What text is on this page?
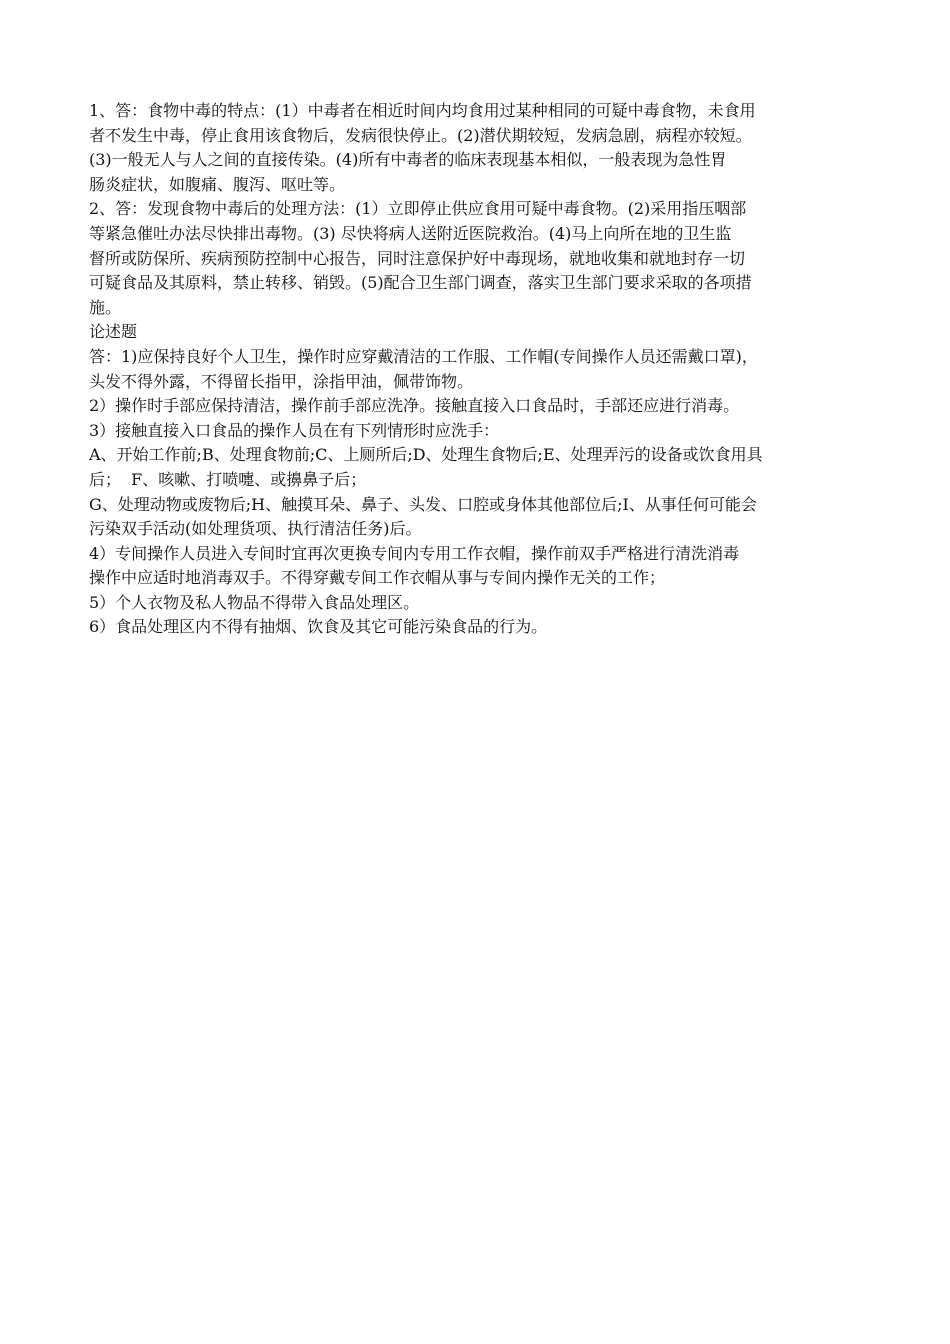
1、答：食物中毒的特点：(1）中毒者在相近时间内均食用过某种相同的可疑中毒食物，未食用
者不发生中毒，停止食用该食物后，发病很快停止。(2)潜伏期较短，发病急剧，病程亦较短。
(3)一般无人与人之间的直接传染。(4)所有中毒者的临床表现基本相似，一般表现为急性胃
肠炎症状，如腹痛、腹泻、呕吐等。
2、答：发现食物中毒后的处理方法：(1）立即停止供应食用可疑中毒食物。(2)采用指压咽部
等紧急催吐办法尽快排出毒物。(3) 尽快将病人送附近医院救治。(4)马上向所在地的卫生监
督所或防保所、疾病预防控制中心报告，同时注意保护好中毒现场，就地收集和就地封存一切
可疑食品及其原料，禁止转移、销毁。(5)配合卫生部门调查，落实卫生部门要求采取的各项措
施。
论述题
答：1)应保持良好个人卫生，操作时应穿戴清洁的工作服、工作帽(专间操作人员还需戴口罩)，
头发不得外露，不得留长指甲，涂指甲油，佩带饰物。
2）操作时手部应保持清洁，操作前手部应洗净。接触直接入口食品时，手部还应进行消毒。
3）接触直接入口食品的操作人员在有下列情形时应洗手：
A、开始工作前;B、处理食物前;C、上厕所后;D、处理生食物后;E、处理弄污的设备或饮食用具
后；  F、咳嗽、打喷嚏、或擤鼻子后；
G、处理动物或废物后;H、触摸耳朵、鼻子、头发、口腔或身体其他部位后;I、从事任何可能会
污染双手活动(如处理货项、执行清洁任务)后。
4）专间操作人员进入专间时宜再次更换专间内专用工作衣帽，操作前双手严格进行清洗消毒
操作中应适时地消毒双手。不得穿戴专间工作衣帽从事与专间内操作无关的工作；
5）个人衣物及私人物品不得带入食品处理区。
6）食品处理区内不得有抽烟、饮食及其它可能污染食品的行为。
